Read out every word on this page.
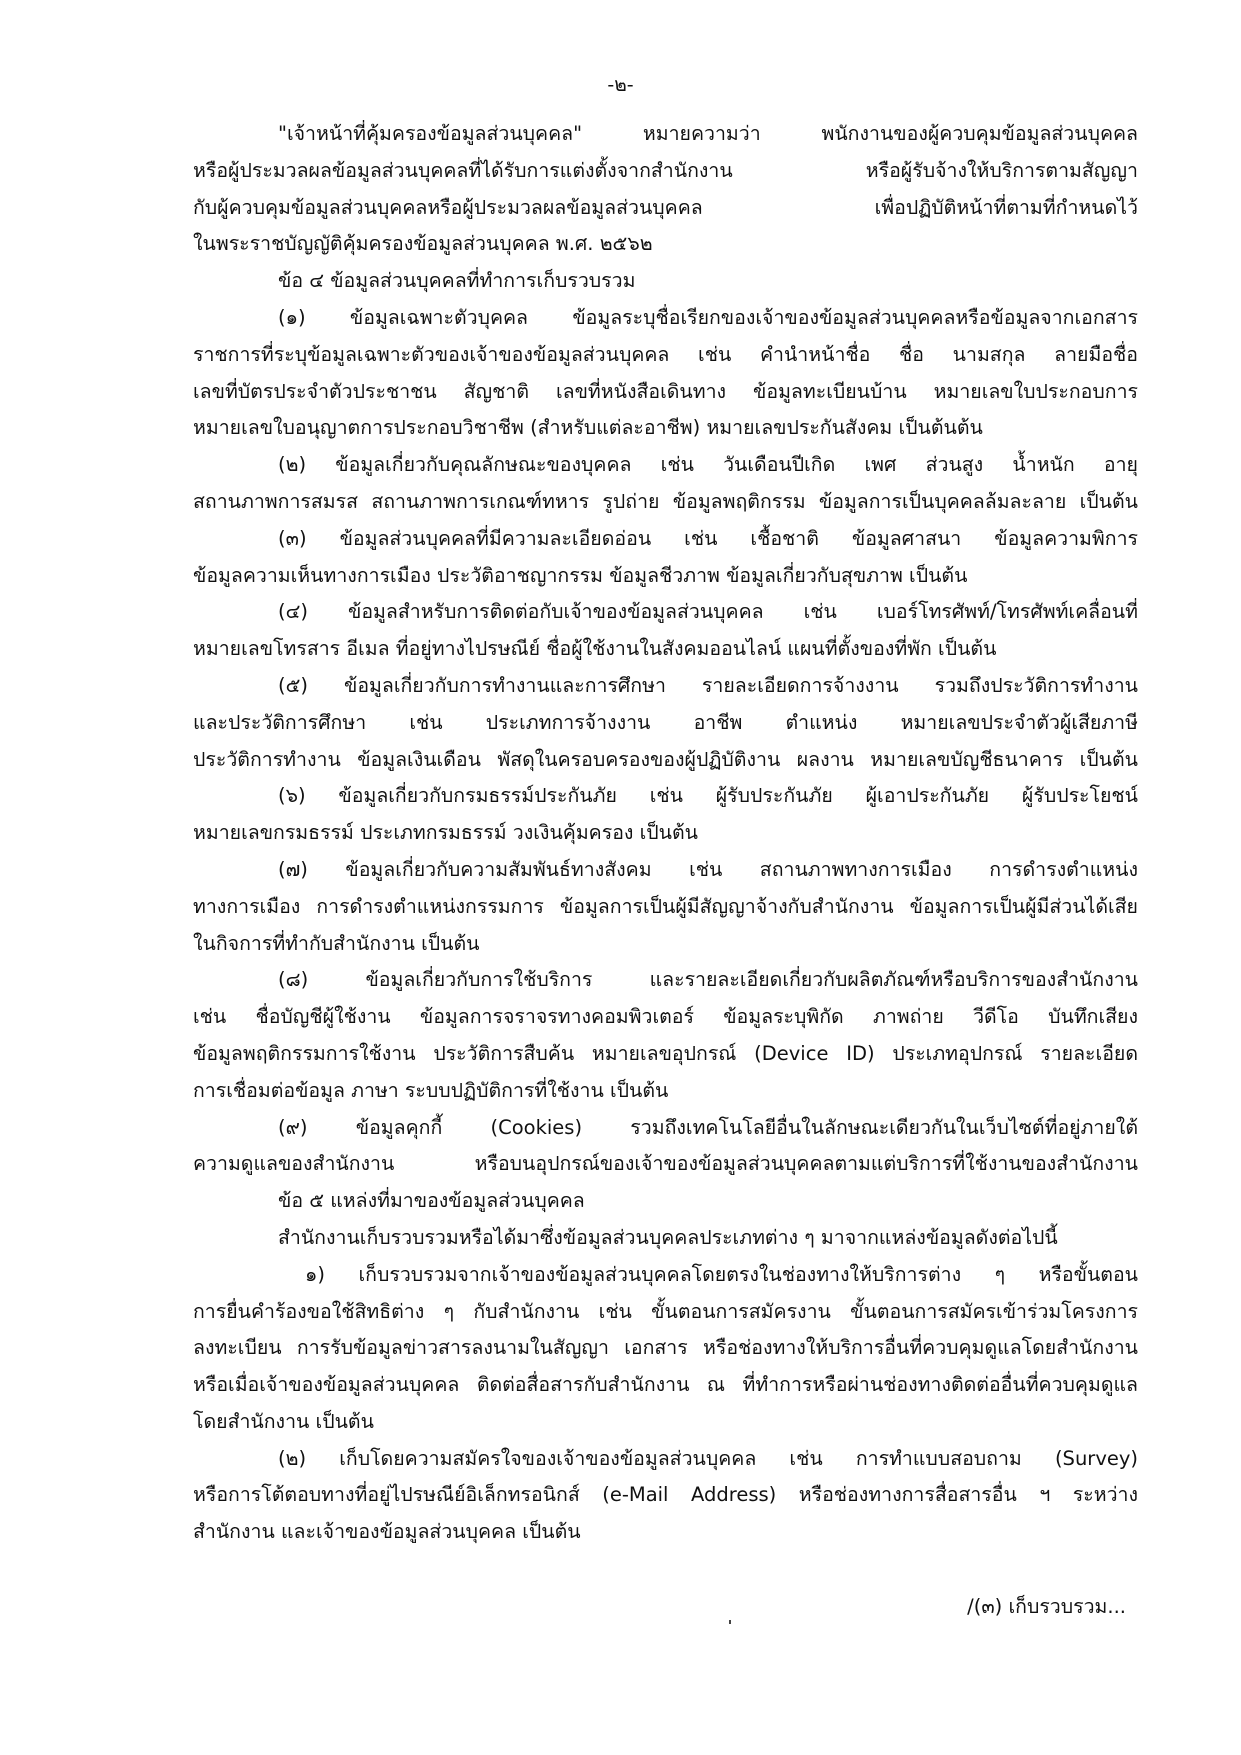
-๒-
"เจ้าหน้าที่คุ้มครองข้อมูลส่วนบุคคล" หมายความว่า พนักงานของผู้ควบคุมข้อมูลส่วนบุคคล
หรือผู้ประมวลผลข้อมูลส่วนบุคคลที่ได้รับการแต่งตั้งจากสำนักงาน หรือผู้รับจ้างให้บริการตามสัญญา
กับผู้ควบคุมข้อมูลส่วนบุคคลหรือผู้ประมวลผลข้อมูลส่วนบุคคล เพื่อปฏิบัติหน้าที่ตามที่กำหนดไว้
ในพระราชบัญญัติคุ้มครองข้อมูลส่วนบุคคล พ.ศ. ๒๕๖๒
ข้อ ๔ ข้อมูลส่วนบุคคลที่ทำการเก็บรวบรวม
(๑) ข้อมูลเฉพาะตัวบุคคล ข้อมูลระบุชื่อเรียกของเจ้าของข้อมูลส่วนบุคคลหรือข้อมูลจากเอกสาร
ราชการที่ระบุข้อมูลเฉพาะตัวของเจ้าของข้อมูลส่วนบุคคล เช่น คำนำหน้าชื่อ ชื่อ นามสกุล ลายมือชื่อ
เลขที่บัตรประจำตัวประชาชน สัญชาติ เลขที่หนังสือเดินทาง ข้อมูลทะเบียนบ้าน หมายเลขใบประกอบการ
หมายเลขใบอนุญาตการประกอบวิชาชีพ (สำหรับแต่ละอาชีพ) หมายเลขประกันสังคม เป็นต้นต้น
(๒) ข้อมูลเกี่ยวกับคุณลักษณะของบุคคล เช่น วันเดือนปีเกิด เพศ ส่วนสูง น้ำหนัก อายุ
สถานภาพการสมรส สถานภาพการเกณฑ์ทหาร รูปถ่าย ข้อมูลพฤติกรรม ข้อมูลการเป็นบุคคลล้มละลาย เป็นต้น
(๓) ข้อมูลส่วนบุคคลที่มีความละเอียดอ่อน เช่น เชื้อชาติ ข้อมูลศาสนา ข้อมูลความพิการ
ข้อมูลความเห็นทางการเมือง ประวัติอาชญากรรม ข้อมูลชีวภาพ ข้อมูลเกี่ยวกับสุขภาพ เป็นต้น
(๔) ข้อมูลสำหรับการติดต่อกับเจ้าของข้อมูลส่วนบุคคล เช่น เบอร์โทรศัพท์/โทรศัพท์เคลื่อนที่
หมายเลขโทรสาร อีเมล ที่อยู่ทางไปรษณีย์ ชื่อผู้ใช้งานในสังคมออนไลน์ แผนที่ตั้งของที่พัก เป็นต้น
(๕) ข้อมูลเกี่ยวกับการทำงานและการศึกษา รายละเอียดการจ้างงาน รวมถึงประวัติการทำงาน
และประวัติการศึกษา เช่น ประเภทการจ้างงาน อาชีพ ตำแหน่ง หมายเลขประจำตัวผู้เสียภาษี
ประวัติการทำงาน ข้อมูลเงินเดือน พัสดุในครอบครองของผู้ปฏิบัติงาน ผลงาน หมายเลขบัญชีธนาคาร เป็นต้น
(๖) ข้อมูลเกี่ยวกับกรมธรรม์ประกันภัย เช่น ผู้รับประกันภัย ผู้เอาประกันภัย ผู้รับประโยชน์
หมายเลขกรมธรรม์ ประเภทกรมธรรม์ วงเงินคุ้มครอง เป็นต้น
(๗) ข้อมูลเกี่ยวกับความสัมพันธ์ทางสังคม เช่น สถานภาพทางการเมือง การดำรงตำแหน่ง
ทางการเมือง การดำรงตำแหน่งกรรมการ ข้อมูลการเป็นผู้มีสัญญาจ้างกับสำนักงาน ข้อมูลการเป็นผู้มีส่วนได้เสีย
ในกิจการที่ทำกับสำนักงาน เป็นต้น
(๘) ข้อมูลเกี่ยวกับการใช้บริการ และรายละเอียดเกี่ยวกับผลิตภัณฑ์หรือบริการของสำนักงาน
เช่น ชื่อบัญชีผู้ใช้งาน ข้อมูลการจราจรทางคอมพิวเตอร์ ข้อมูลระบุพิกัด ภาพถ่าย วีดีโอ บันทึกเสียง
ข้อมูลพฤติกรรมการใช้งาน ประวัติการสืบค้น หมายเลขอุปกรณ์ (Device ID) ประเภทอุปกรณ์ รายละเอียด
การเชื่อมต่อข้อมูล ภาษา ระบบปฏิบัติการที่ใช้งาน เป็นต้น
(๙) ข้อมูลคุกกี้ (Cookies) รวมถึงเทคโนโลยีอื่นในลักษณะเดียวกันในเว็บไซต์ที่อยู่ภายใต้
ความดูแลของสำนักงาน หรือบนอุปกรณ์ของเจ้าของข้อมูลส่วนบุคคลตามแต่บริการที่ใช้งานของสำนักงาน
ข้อ ๕ แหล่งที่มาของข้อมูลส่วนบุคคล
สำนักงานเก็บรวบรวมหรือได้มาซึ่งข้อมูลส่วนบุคคลประเภทต่าง ๆ มาจากแหล่งข้อมูลดังต่อไปนี้
๑) เก็บรวบรวมจากเจ้าของข้อมูลส่วนบุคคลโดยตรงในช่องทางให้บริการต่าง ๆ หรือขั้นตอน
การยื่นคำร้องขอใช้สิทธิต่าง ๆ กับสำนักงาน เช่น ขั้นตอนการสมัครงาน ขั้นตอนการสมัครเข้าร่วมโครงการ
ลงทะเบียน การรับข้อมูลข่าวสารลงนามในสัญญา เอกสาร หรือช่องทางให้บริการอื่นที่ควบคุมดูแลโดยสำนักงาน
หรือเมื่อเจ้าของข้อมูลส่วนบุคคล ติดต่อสื่อสารกับสำนักงาน ณ ที่ทำการหรือผ่านช่องทางติดต่ออื่นที่ควบคุมดูแล
โดยสำนักงาน เป็นต้น
(๒) เก็บโดยความสมัครใจของเจ้าของข้อมูลส่วนบุคคล เช่น การทำแบบสอบถาม (Survey)
หรือการโต้ตอบทางที่อยู่ไปรษณีย์อิเล็กทรอนิกส์ (e-Mail Address) หรือช่องทางการสื่อสารอื่น ฯ ระหว่าง
สำนักงาน และเจ้าของข้อมูลส่วนบุคคล เป็นต้น
/(๓) เก็บรวบรวม...
